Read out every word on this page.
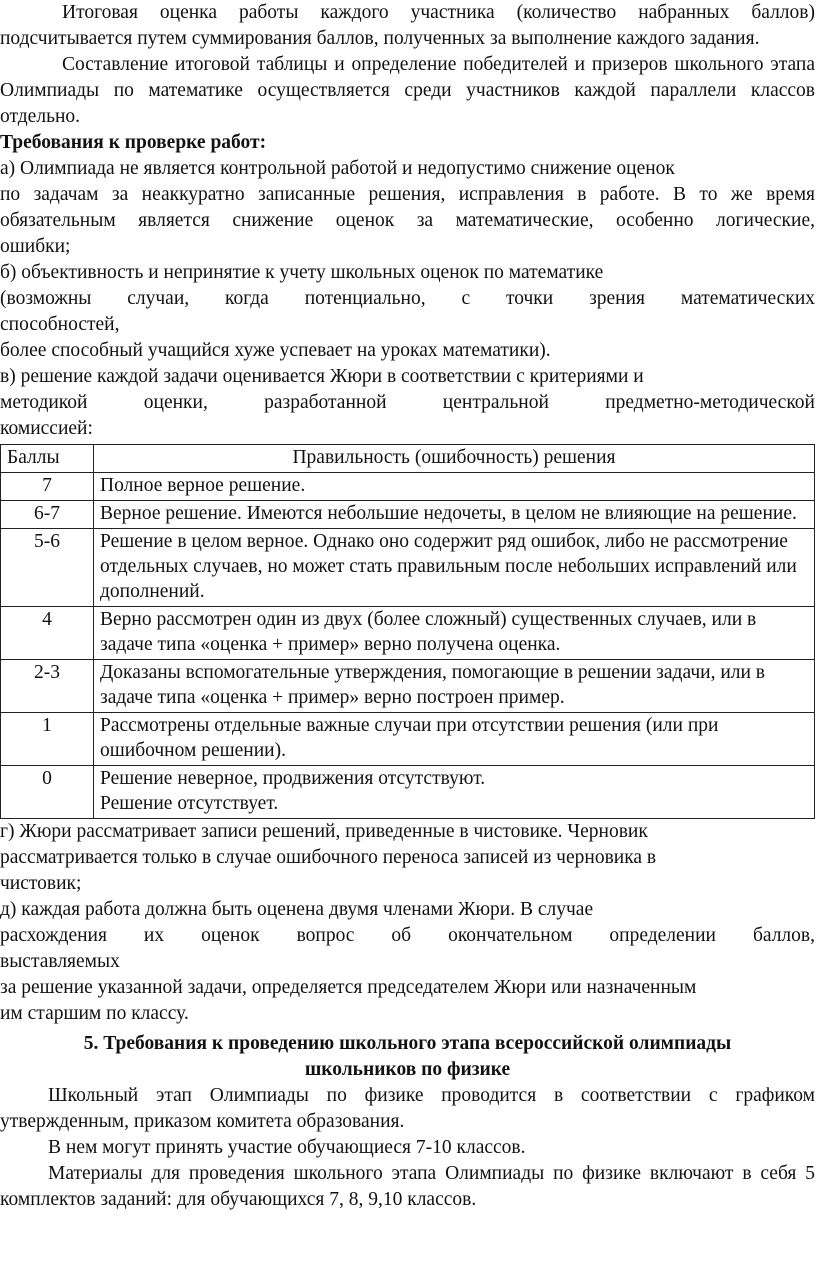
Итоговая оценка работы каждого участника (количество набранных баллов) подсчитывается путем суммирования баллов, полученных за выполнение каждого задания.

Составление итоговой таблицы и определение победителей и призеров школьного этапа Олимпиады по математике осуществляется среди участников каждой параллели классов отдельно.

Требования к проверке работ:

а) Олимпиада не является контрольной работой и недопустимо снижение оценок
по задачам за неаккуратно записанные решения, исправления в работе. В то же время
обязательным является снижение оценок за математические, особенно логические,
ошибки;
б) объективность и непринятие к учету школьных оценок по математике
(возможны случаи, когда потенциально, с точки зрения математических
способностей,
более способный учащийся хуже успевает на уроках математики).
в) решение каждой задачи оценивается Жюри в соответствии с критериями и
методикой оценки, разработанной центральной предметно-методической
комиссией:
Баллы	Правильность (ошибочность) решения
7	Полное верное решение.
6-7	Верное решение. Имеются небольшие недочеты, в целом не влияющие на решение.
5-6	Решение в целом верное. Однако оно содержит ряд ошибок, либо не рассмотрение отдельных случаев, но может стать правильным после небольших исправлений или дополнений.
4	Верно рассмотрен один из двух (более сложный) существенных случаев, или в задаче типа «оценка + пример» верно получена оценка.
2-3	Доказаны вспомогательные утверждения, помогающие в решении задачи, или в задаче типа «оценка + пример» верно построен пример.
1	Рассмотрены отдельные важные случаи при отсутствии решения (или при ошибочном решении).
0	Решение неверное, продвижения отсутствуют.
Решение отсутствует.
г) Жюри рассматривает записи решений, приведенные в чистовике. Черновик
рассматривается только в случае ошибочного переноса записей из черновика в
чистовик;
д) каждая работа должна быть оценена двумя членами Жюри. В случае
расхождения их оценок вопрос об окончательном определении баллов,
выставляемых
за решение указанной задачи, определяется председателем Жюри или назначенным
им старшим по классу.
5. Требования к проведению школьного этапа всероссийской олимпиады
школьников по физике

Школьный этап Олимпиады по физике проводится в соответствии с графиком утвержденным, приказом комитета образования.

В нем могут принять участие обучающиеся 7-10 классов.

Материалы для проведения школьного этапа Олимпиады по физике включают в себя 5 комплектов заданий: для обучающихся 7, 8, 9,10 классов.
